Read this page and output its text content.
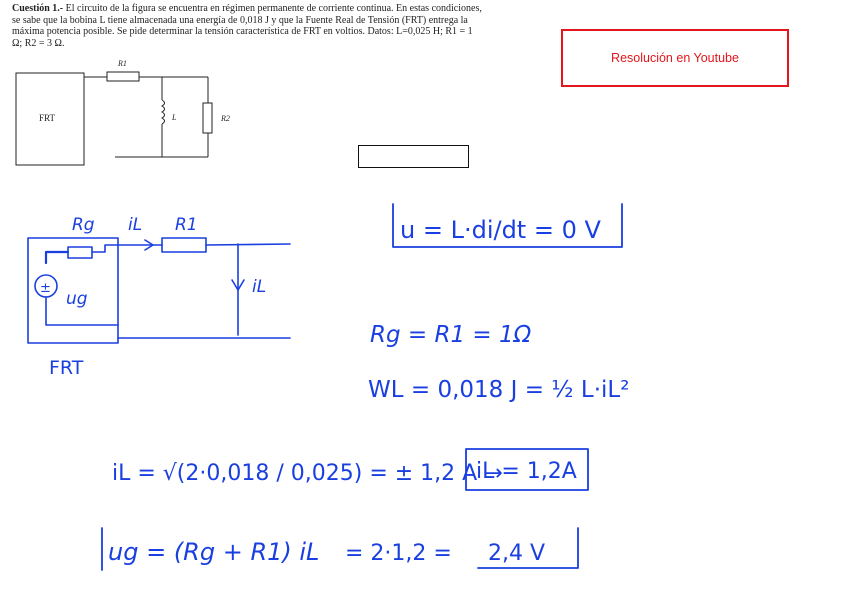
Cuestión 1.- El circuito de la figura se encuentra en régimen permanente de corriente continua. En estas condiciones, se sabe que la bobina L tiene almacenada una energía de 0,018 J y que la Fuente Real de Tensión (FRT) entrega la máxima potencia posible. Se pide determinar la tensión característica de FRT en voltios. Datos: L=0,025 H; R1 = 1 Ω; R2 = 3 Ω.

Resolución en Youtube
FRT
R1
L	R2
±
Rg iL R1
iL
ug
FRT
u = L·di/dt = 0 V
Rg = R1 = 1Ω
WL = 0,018 J = ½ L·iL²
iL = √(2·0,018 / 0,025) = ± 1,2 A →
iL = 1,2A
ug = (Rg + R1) iL = 2·1,2 = 2,4 V
